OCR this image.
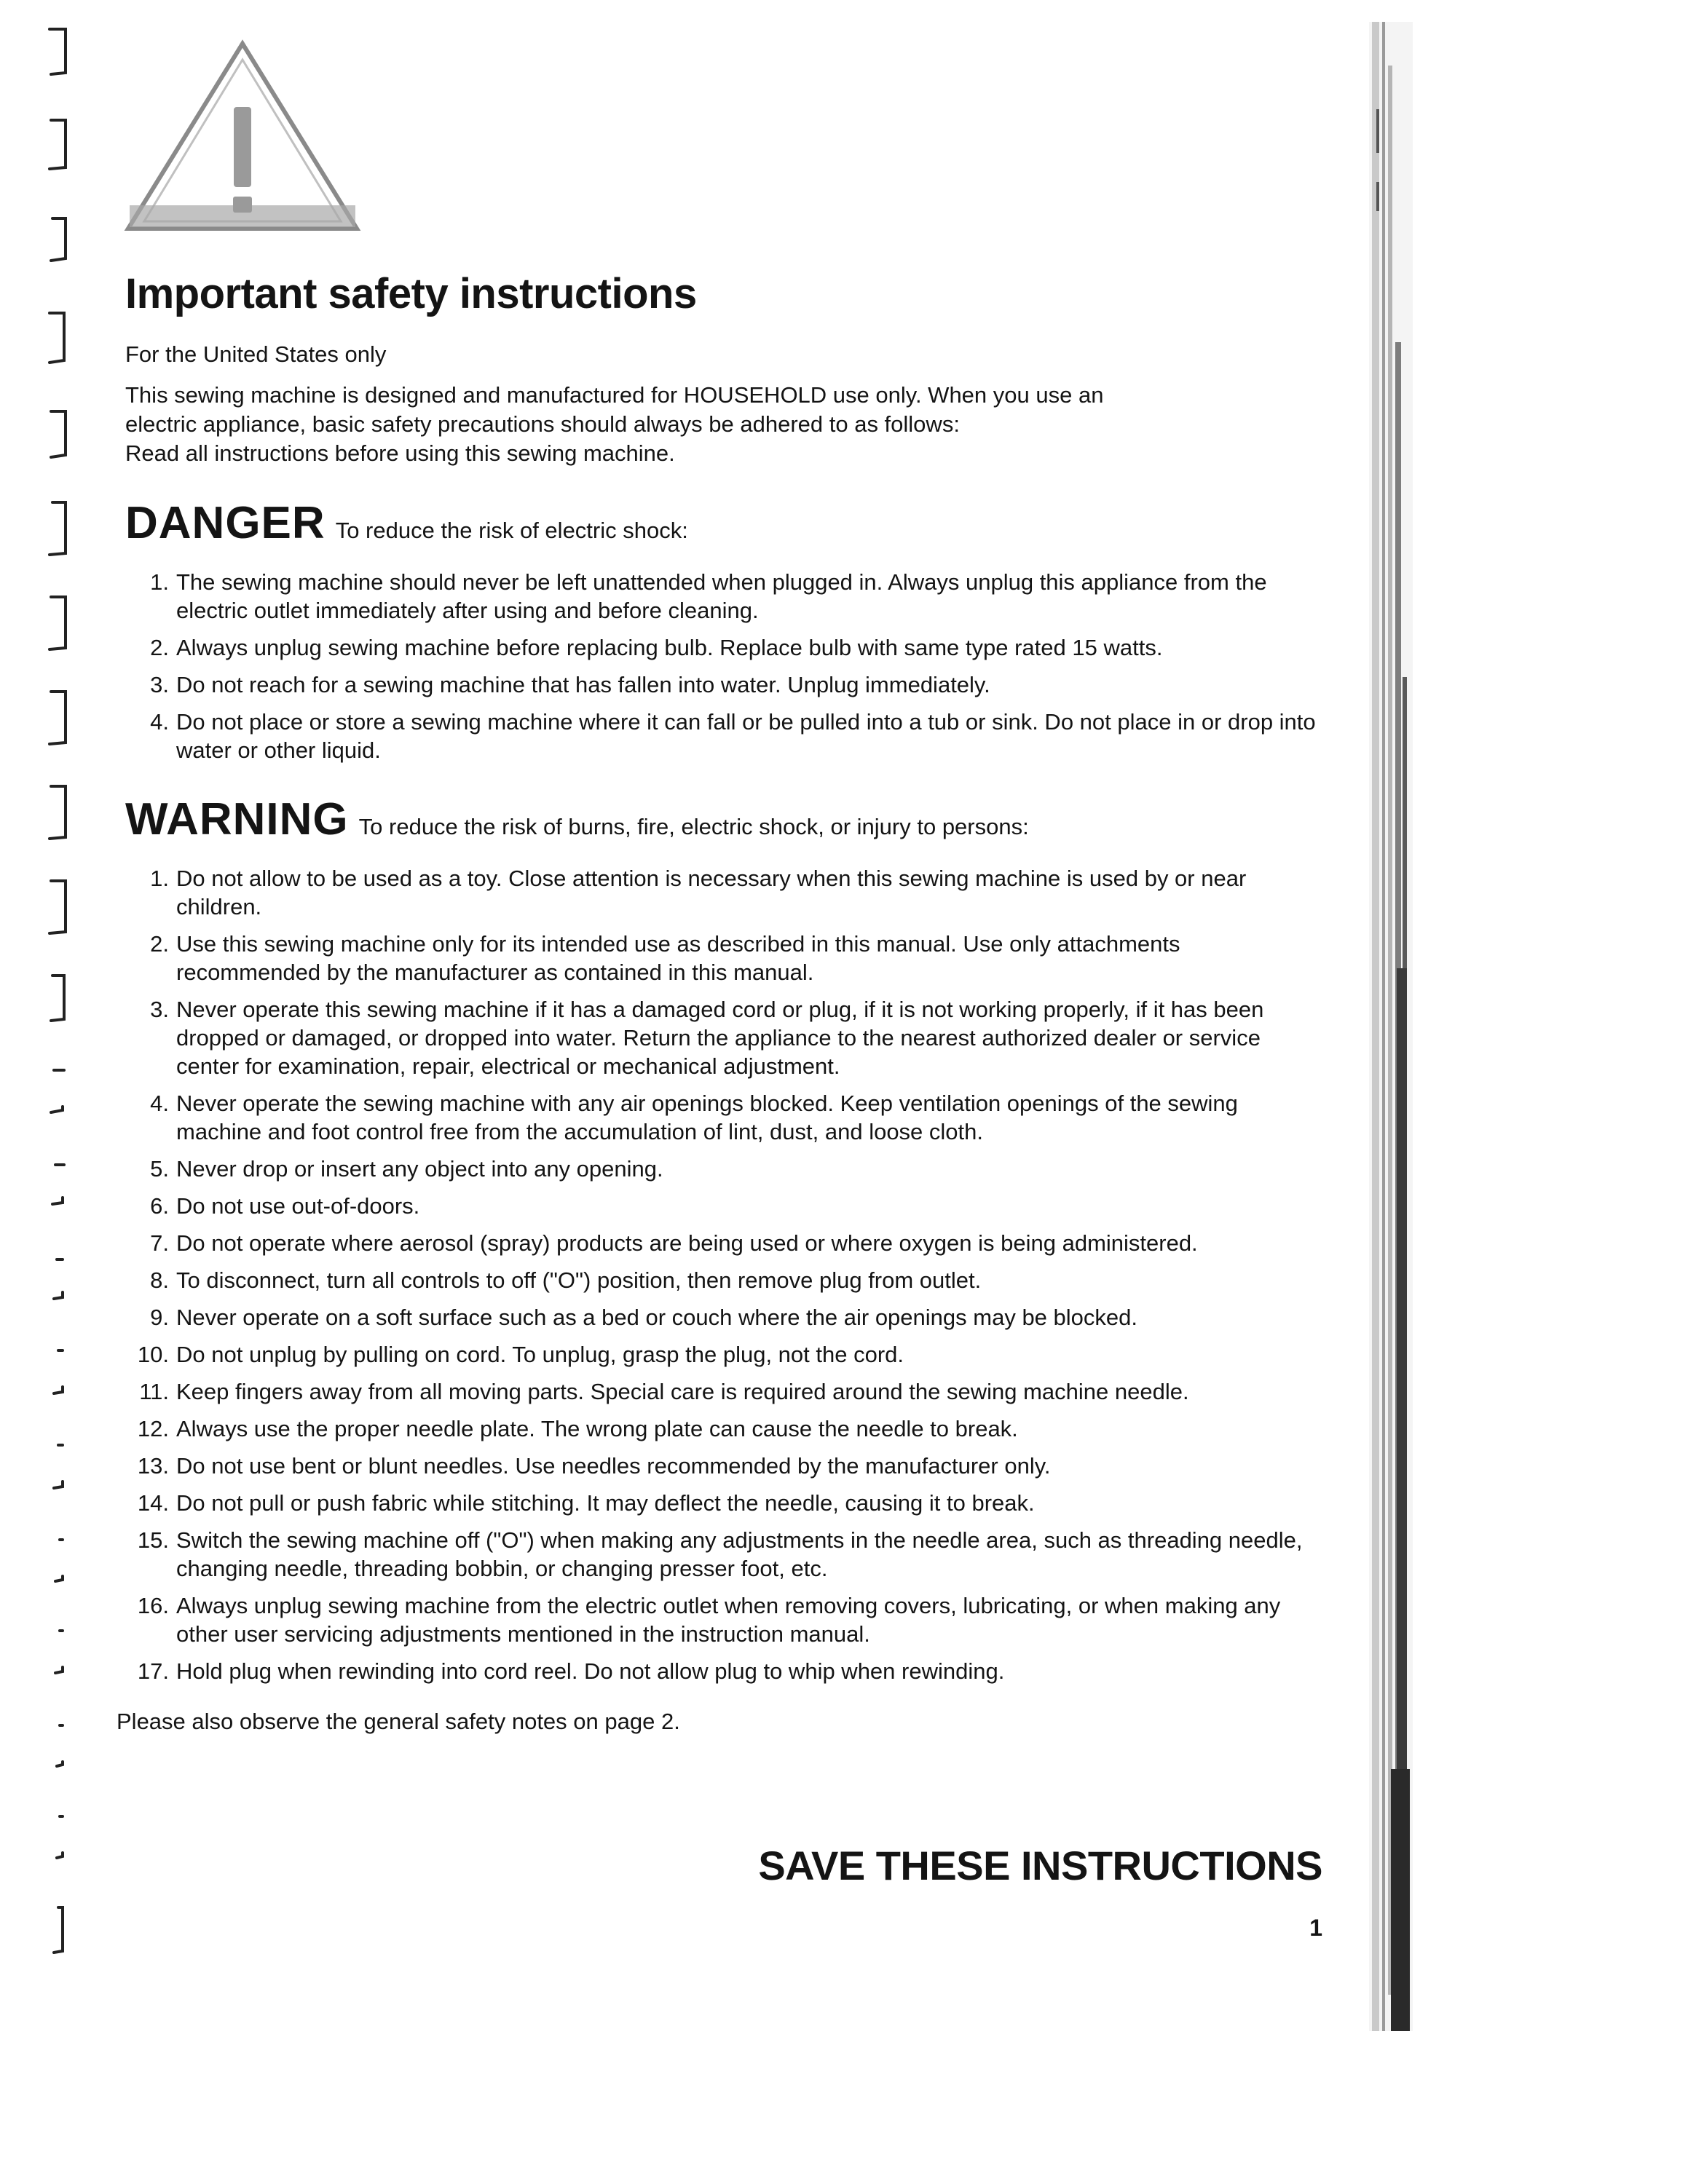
Important safety instructions

For the United States only

This sewing machine is designed and manufactured for HOUSEHOLD use only. When you use an

electric appliance, basic safety precautions should always be adhered to as follows:

Read all instructions before using this sewing machine.

DANGER To reduce the risk of electric shock:
1. The sewing machine should never be left unattended when plugged in. Always unplug this appliance from the electric outlet immediately after using and before cleaning.
2. Always unplug sewing machine before replacing bulb. Replace bulb with same type rated 15 watts.
3. Do not reach for a sewing machine that has fallen into water. Unplug immediately.
4. Do not place or store a sewing machine where it can fall or be pulled into a tub or sink. Do not place in or drop into water or other liquid.
WARNING To reduce the risk of burns, fire, electric shock, or injury to persons:
1. Do not allow to be used as a toy. Close attention is necessary when this sewing machine is used by or near children.
2. Use this sewing machine only for its intended use as described in this manual. Use only attachments recommended by the manufacturer as contained in this manual.
3. Never operate this sewing machine if it has a damaged cord or plug, if it is not working properly, if it has been dropped or damaged, or dropped into water. Return the appliance to the nearest authorized dealer or service center for examination, repair, electrical or mechanical adjustment.
4. Never operate the sewing machine with any air openings blocked. Keep ventilation openings of the sewing machine and foot control free from the accumulation of lint, dust, and loose cloth.
5. Never drop or insert any object into any opening.
6. Do not use out-of-doors.
7. Do not operate where aerosol (spray) products are being used or where oxygen is being administered.
8. To disconnect, turn all controls to off ("O") position, then remove plug from outlet.
9. Never operate on a soft surface such as a bed or couch where the air openings may be blocked.
10. Do not unplug by pulling on cord. To unplug, grasp the plug, not the cord.
11. Keep fingers away from all moving parts. Special care is required around the sewing machine needle.
12. Always use the proper needle plate. The wrong plate can cause the needle to break.
13. Do not use bent or blunt needles. Use needles recommended by the manufacturer only.
14. Do not pull or push fabric while stitching. It may deflect the needle, causing it to break.
15. Switch the sewing machine off ("O") when making any adjustments in the needle area, such as threading needle, changing needle, threading bobbin, or changing presser foot, etc.
16. Always unplug sewing machine from the electric outlet when removing covers, lubricating, or when making any other user servicing adjustments mentioned in the instruction manual.
17. Hold plug when rewinding into cord reel. Do not allow plug to whip when rewinding.

Please also observe the general safety notes on page 2.

SAVE THESE INSTRUCTIONS
1
